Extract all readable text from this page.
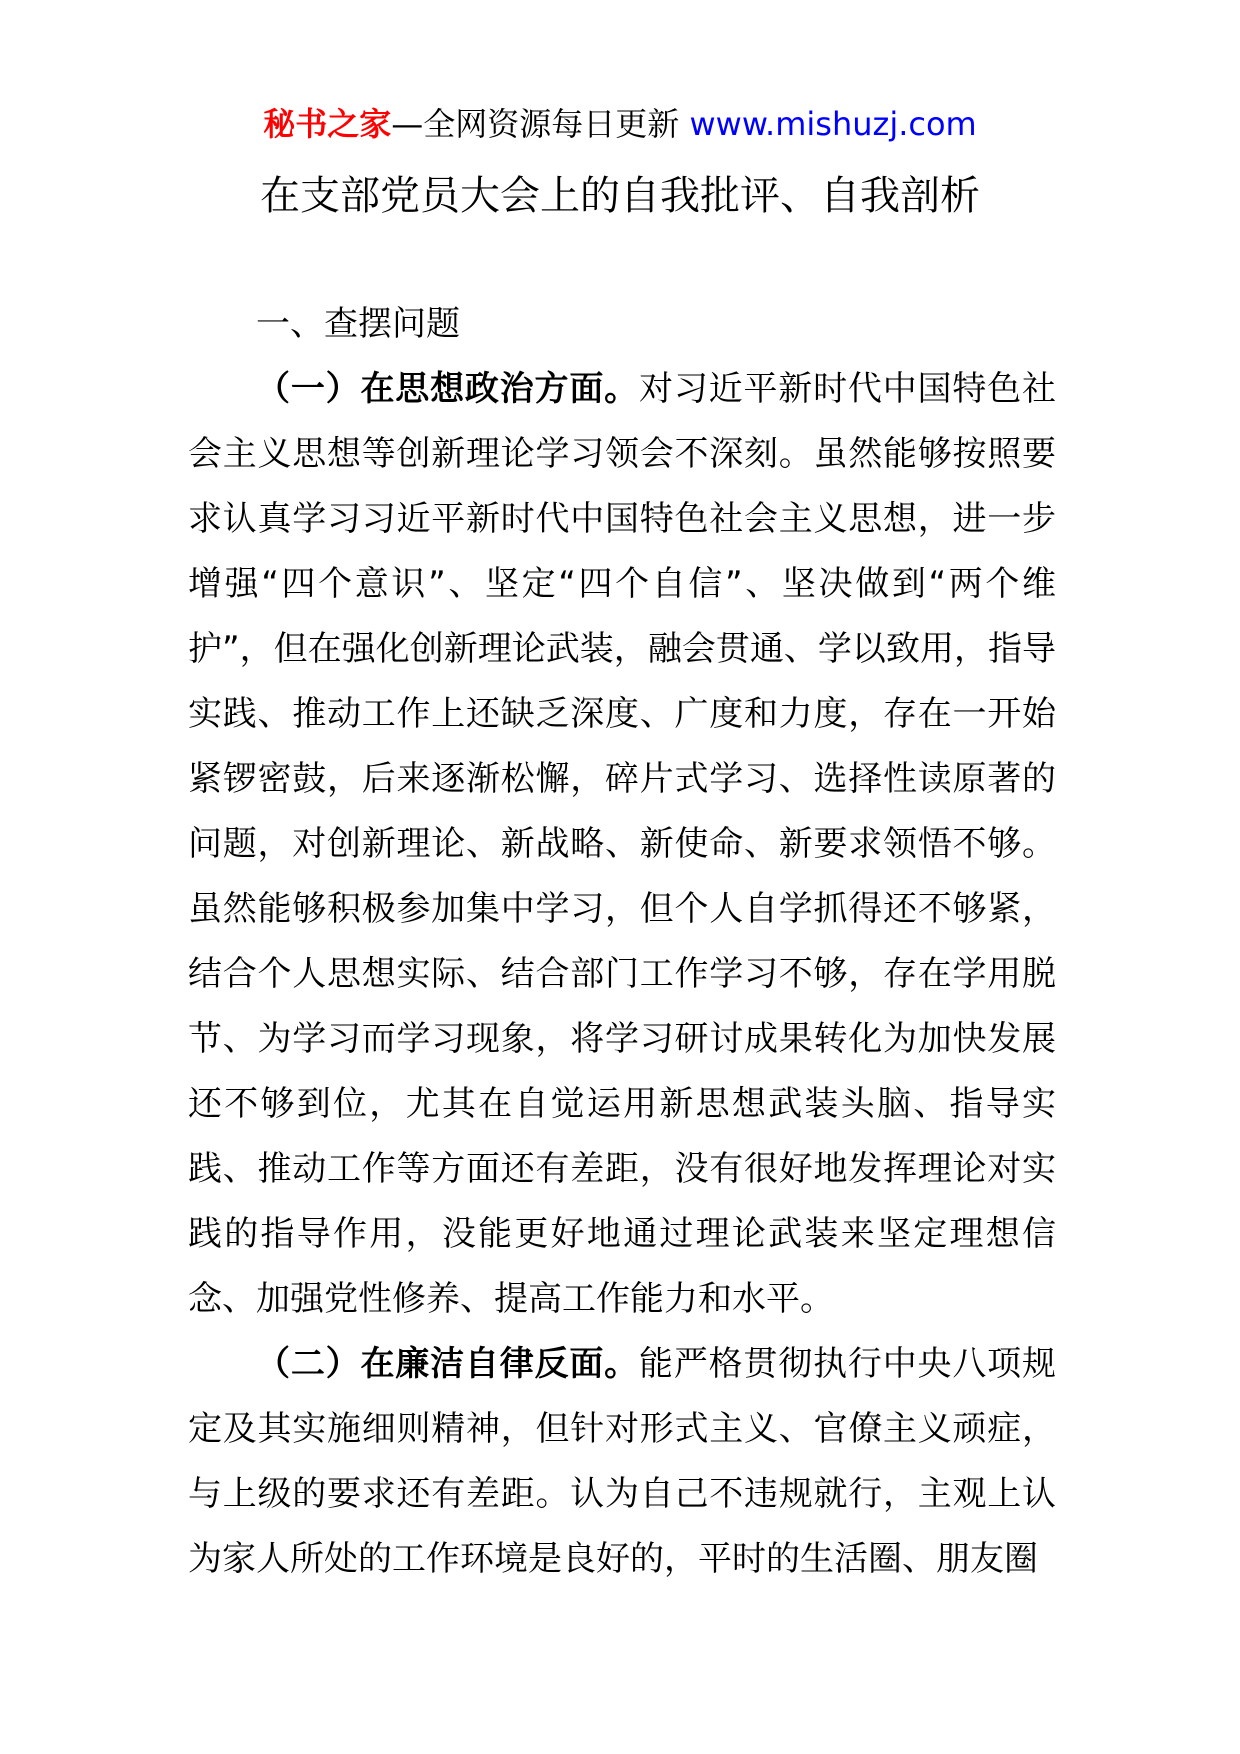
秘书之家—全网资源每日更新 www.mishuzj.com
在支部党员大会上的自我批评、自我剖析
一、查摆问题

（一）在思想政治方面。对习近平新时代中国特色社会主义思想等创新理论学习领会不深刻。虽然能够按照要求认真学习习近平新时代中国特色社会主义思想，进一步增强“四个意识”、坚定“四个自信”、坚决做到“两个维护”，但在强化创新理论武装，融会贯通、学以致用，指导实践、推动工作上还缺乏深度、广度和力度，存在一开始紧锣密鼓，后来逐渐松懈，碎片式学习、选择性读原著的问题，对创新理论、新战略、新使命、新要求领悟不够。虽然能够积极参加集中学习，但个人自学抓得还不够紧，结合个人思想实际、结合部门工作学习不够，存在学用脱节、为学习而学习现象，将学习研讨成果转化为加快发展还不够到位，尤其在自觉运用新思想武装头脑、指导实践、推动工作等方面还有差距，没有很好地发挥理论对实践的指导作用，没能更好地通过理论武装来坚定理想信念、加强党性修养、提高工作能力和水平。

（二）在廉洁自律反面。能严格贯彻执行中央八项规定及其实施细则精神，但针对形式主义、官僚主义顽症，与上级的要求还有差距。认为自己不违规就行，主观上认为家人所处的工作环境是良好的，平时的生活圈、朋友圈
